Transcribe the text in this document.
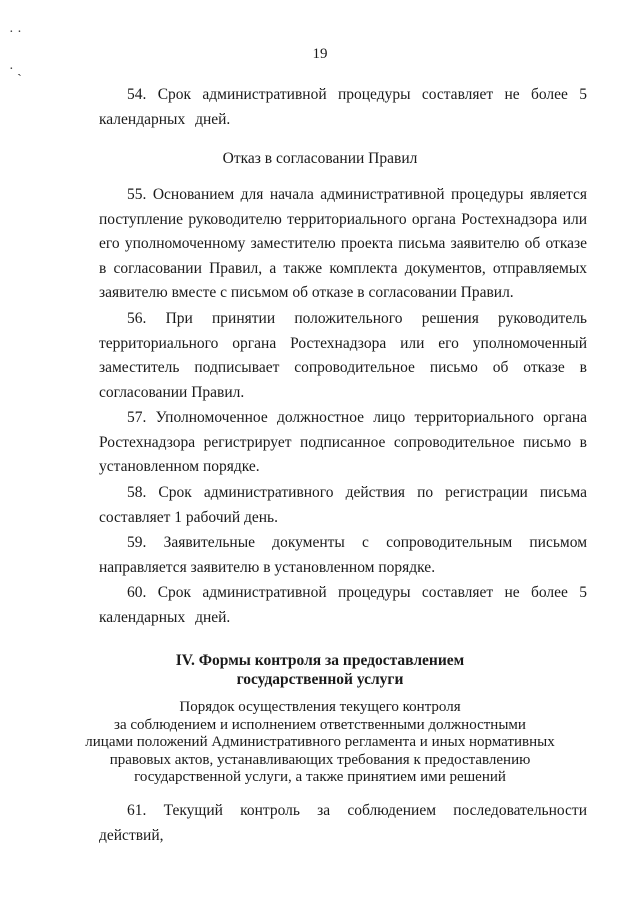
· ·
· ˎ
19

54. Срок административной процедуры составляет не более 5 календарных дней.

Отказ в согласовании Правил

55. Основанием для начала административной процедуры является поступление руководителю территориального органа Ростехнадзора или его уполномоченному заместителю проекта письма заявителю об отказе в согласовании Правил, а также комплекта документов, отправляемых заявителю вместе с письмом об отказе в согласовании Правил.

56. При принятии положительного решения руководитель территориального органа Ростехнадзора или его уполномоченный заместитель подписывает сопроводительное письмо об отказе в согласовании Правил.

57. Уполномоченное должностное лицо территориального органа Ростехнадзора регистрирует подписанное сопроводительное письмо в установленном порядке.

58. Срок административного действия по регистрации письма составляет 1 рабочий день.

59. Заявительные документы с сопроводительным письмом направляется заявителю в установленном порядке.

60. Срок административной процедуры составляет не более 5 календарных дней.

IV. Формы контроля за предоставлением
государственной услуги
Порядок осуществления текущего контроля
за соблюдением и исполнением ответственными должностными
лицами положений Административного регламента и иных нормативных
правовых актов, устанавливающих требования к предоставлению
государственной услуги, а также принятием ими решений

61. Текущий контроль за соблюдением последовательности действий,
